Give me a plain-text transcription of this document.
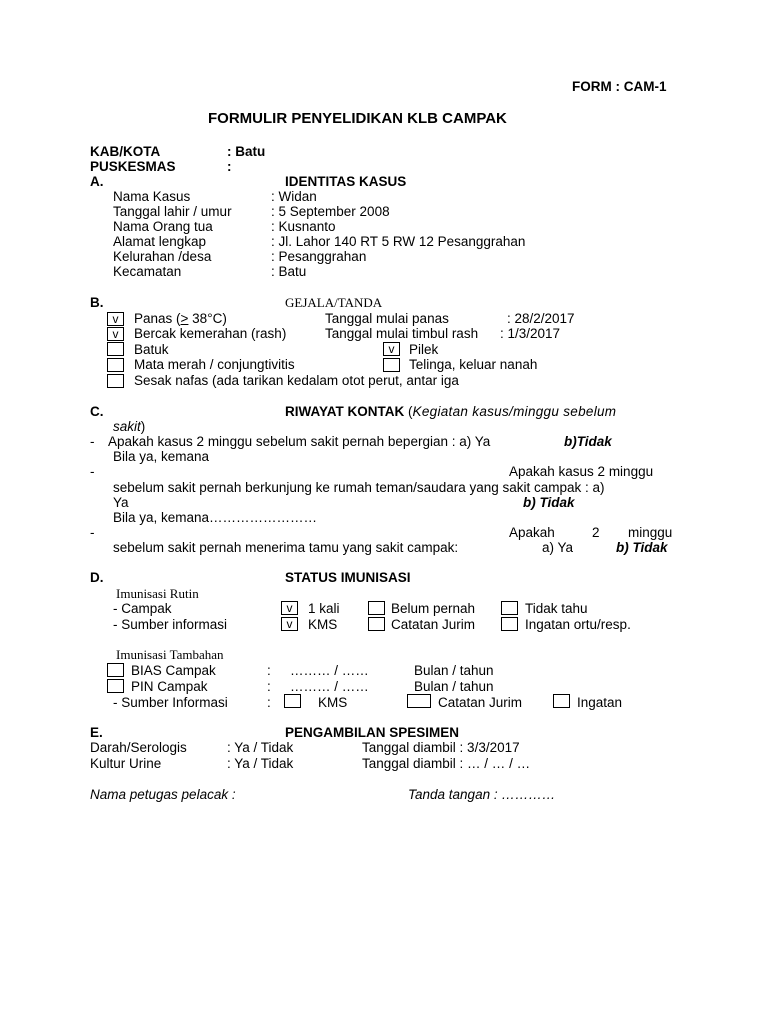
FORM : CAM-1
FORMULIR PENYELIDIKAN KLB CAMPAK
KAB/KOTA	: Batu
PUSKESMAS	:
A.	IDENTITAS KASUS
Nama Kasus	: Widan
Tanggal lahir / umur	: 5 September 2008
Nama Orang tua	: Kusnanto
Alamat lengkap	: Jl. Lahor 140 RT 5 RW 12 Pesanggrahan
Kelurahan /desa	: Pesanggrahan
Kecamatan	: Batu
B.	GEJALA/TANDA
v	Panas (≥ 38°C)	Tanggal mulai panas	: 28/2/2017
v	Bercak kemerahan (rash)	Tanggal mulai timbul rash : 1/3/2017
Batuk	v	Pilek
Mata merah / conjungtivitis	Telinga, keluar nanah
Sesak nafas (ada tarikan kedalam otot perut, antar iga
C.	RIWAYAT KONTAK (Kegiatan kasus/minggu sebelum
sakit)
- Apakah kasus 2 minggu sebelum sakit pernah bepergian : a) Ya	b)Tidak
Bila ya, kemana
-	Apakah kasus 2 minggu
sebelum sakit pernah berkunjung ke rumah teman/saudara yang sakit campak : a)
Ya	b) Tidak
Bila ya, kemana……………………
-	Apakah	2 minggu
sebelum sakit pernah menerima tamu yang sakit campak:	a) Ya	b) Tidak
D.	STATUS IMUNISASI
Imunisasi Rutin
- Campak	v	1 kali	Belum pernah	Tidak tahu
- Sumber informasi	v	KMS	Catatan Jurim	Ingatan ortu/resp.
Imunisasi Tambahan
BIAS Campak	: ……… / ……	Bulan / tahun
PIN Campak	: ……… / ……	Bulan / tahun
- Sumber Informasi	:	KMS	Catatan Jurim	Ingatan
E.	PENGAMBILAN SPESIMEN
Darah/Serologis	: Ya / Tidak	Tanggal diambil : 3/3/2017
Kultur Urine	: Ya / Tidak	Tanggal diambil : … / … / …
Nama petugas pelacak :	Tanda tangan : …………
